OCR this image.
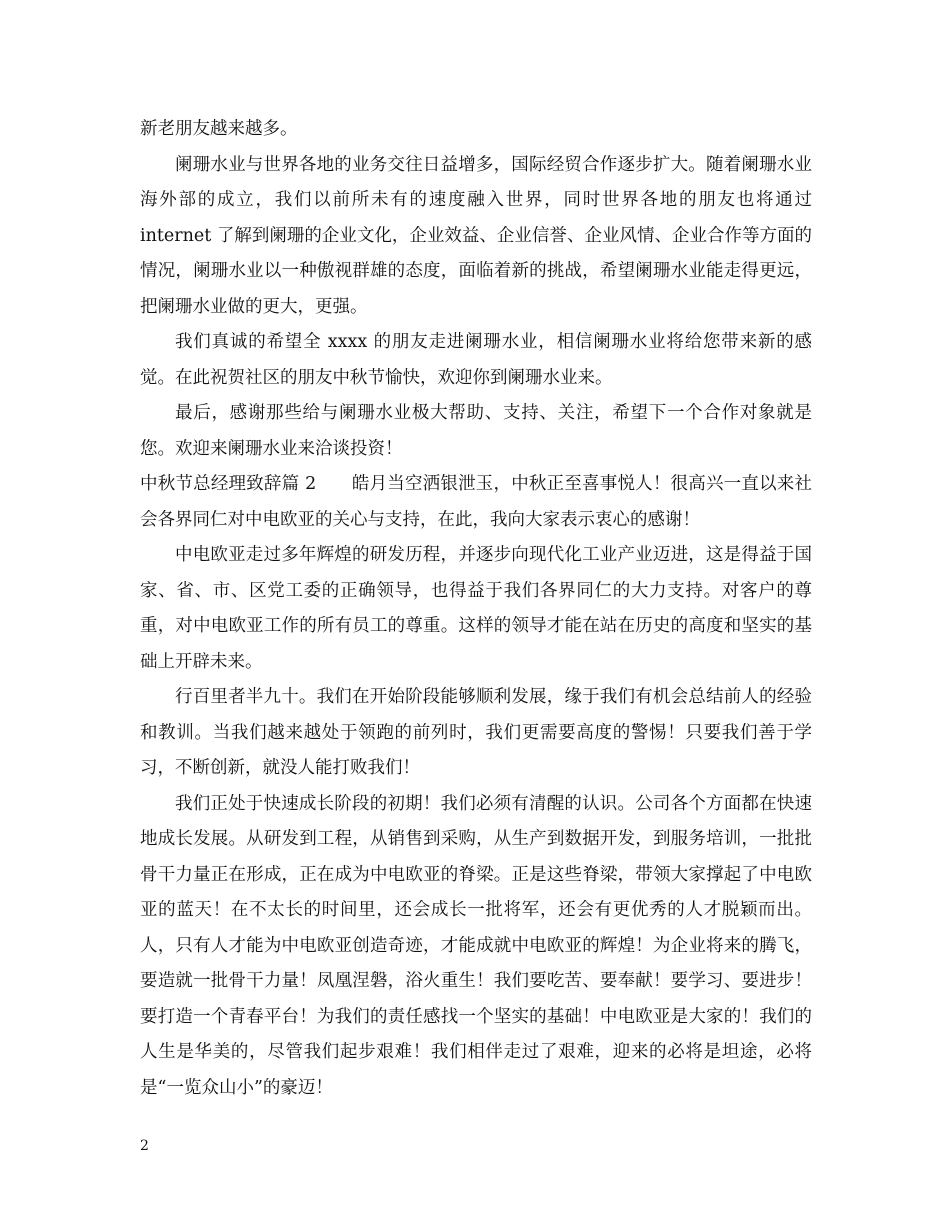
新老朋友越来越多。

阑珊水业与世界各地的业务交往日益增多，国际经贸合作逐步扩大。随着阑珊水业海外部的成立，我们以前所未有的速度融入世界，同时世界各地的朋友也将通过 internet 了解到阑珊的企业文化，企业效益、企业信誉、企业风情、企业合作等方面的情况，阑珊水业以一种傲视群雄的态度，面临着新的挑战，希望阑珊水业能走得更远，把阑珊水业做的更大，更强。

我们真诚的希望全 xxxx 的朋友走进阑珊水业，相信阑珊水业将给您带来新的感觉。在此祝贺社区的朋友中秋节愉快，欢迎你到阑珊水业来。

最后，感谢那些给与阑珊水业极大帮助、支持、关注，希望下一个合作对象就是您。欢迎来阑珊水业来洽谈投资！

中秋节总经理致辞篇 2　　皓月当空洒银泄玉，中秋正至喜事悦人！很高兴一直以来社会各界同仁对中电欧亚的关心与支持，在此，我向大家表示衷心的感谢！

中电欧亚走过多年辉煌的研发历程，并逐步向现代化工业产业迈进，这是得益于国家、省、市、区党工委的正确领导，也得益于我们各界同仁的大力支持。对客户的尊重，对中电欧亚工作的所有员工的尊重。这样的领导才能在站在历史的高度和坚实的基础上开辟未来。

行百里者半九十。我们在开始阶段能够顺利发展，缘于我们有机会总结前人的经验和教训。当我们越来越处于领跑的前列时，我们更需要高度的警惕！只要我们善于学习，不断创新，就没人能打败我们！

我们正处于快速成长阶段的初期！我们必须有清醒的认识。公司各个方面都在快速地成长发展。从研发到工程，从销售到采购，从生产到数据开发，到服务培训，一批批骨干力量正在形成，正在成为中电欧亚的脊梁。正是这些脊梁，带领大家撑起了中电欧亚的蓝天！在不太长的时间里，还会成长一批将军，还会有更优秀的人才脱颖而出。人，只有人才能为中电欧亚创造奇迹，才能成就中电欧亚的辉煌！为企业将来的腾飞，要造就一批骨干力量！凤凰涅磐，浴火重生！我们要吃苦、要奉献！要学习、要进步！要打造一个青春平台！为我们的责任感找一个坚实的基础！中电欧亚是大家的！我们的人生是华美的，尽管我们起步艰难！我们相伴走过了艰难，迎来的必将是坦途，必将是“一览众山小”的豪迈！

2
